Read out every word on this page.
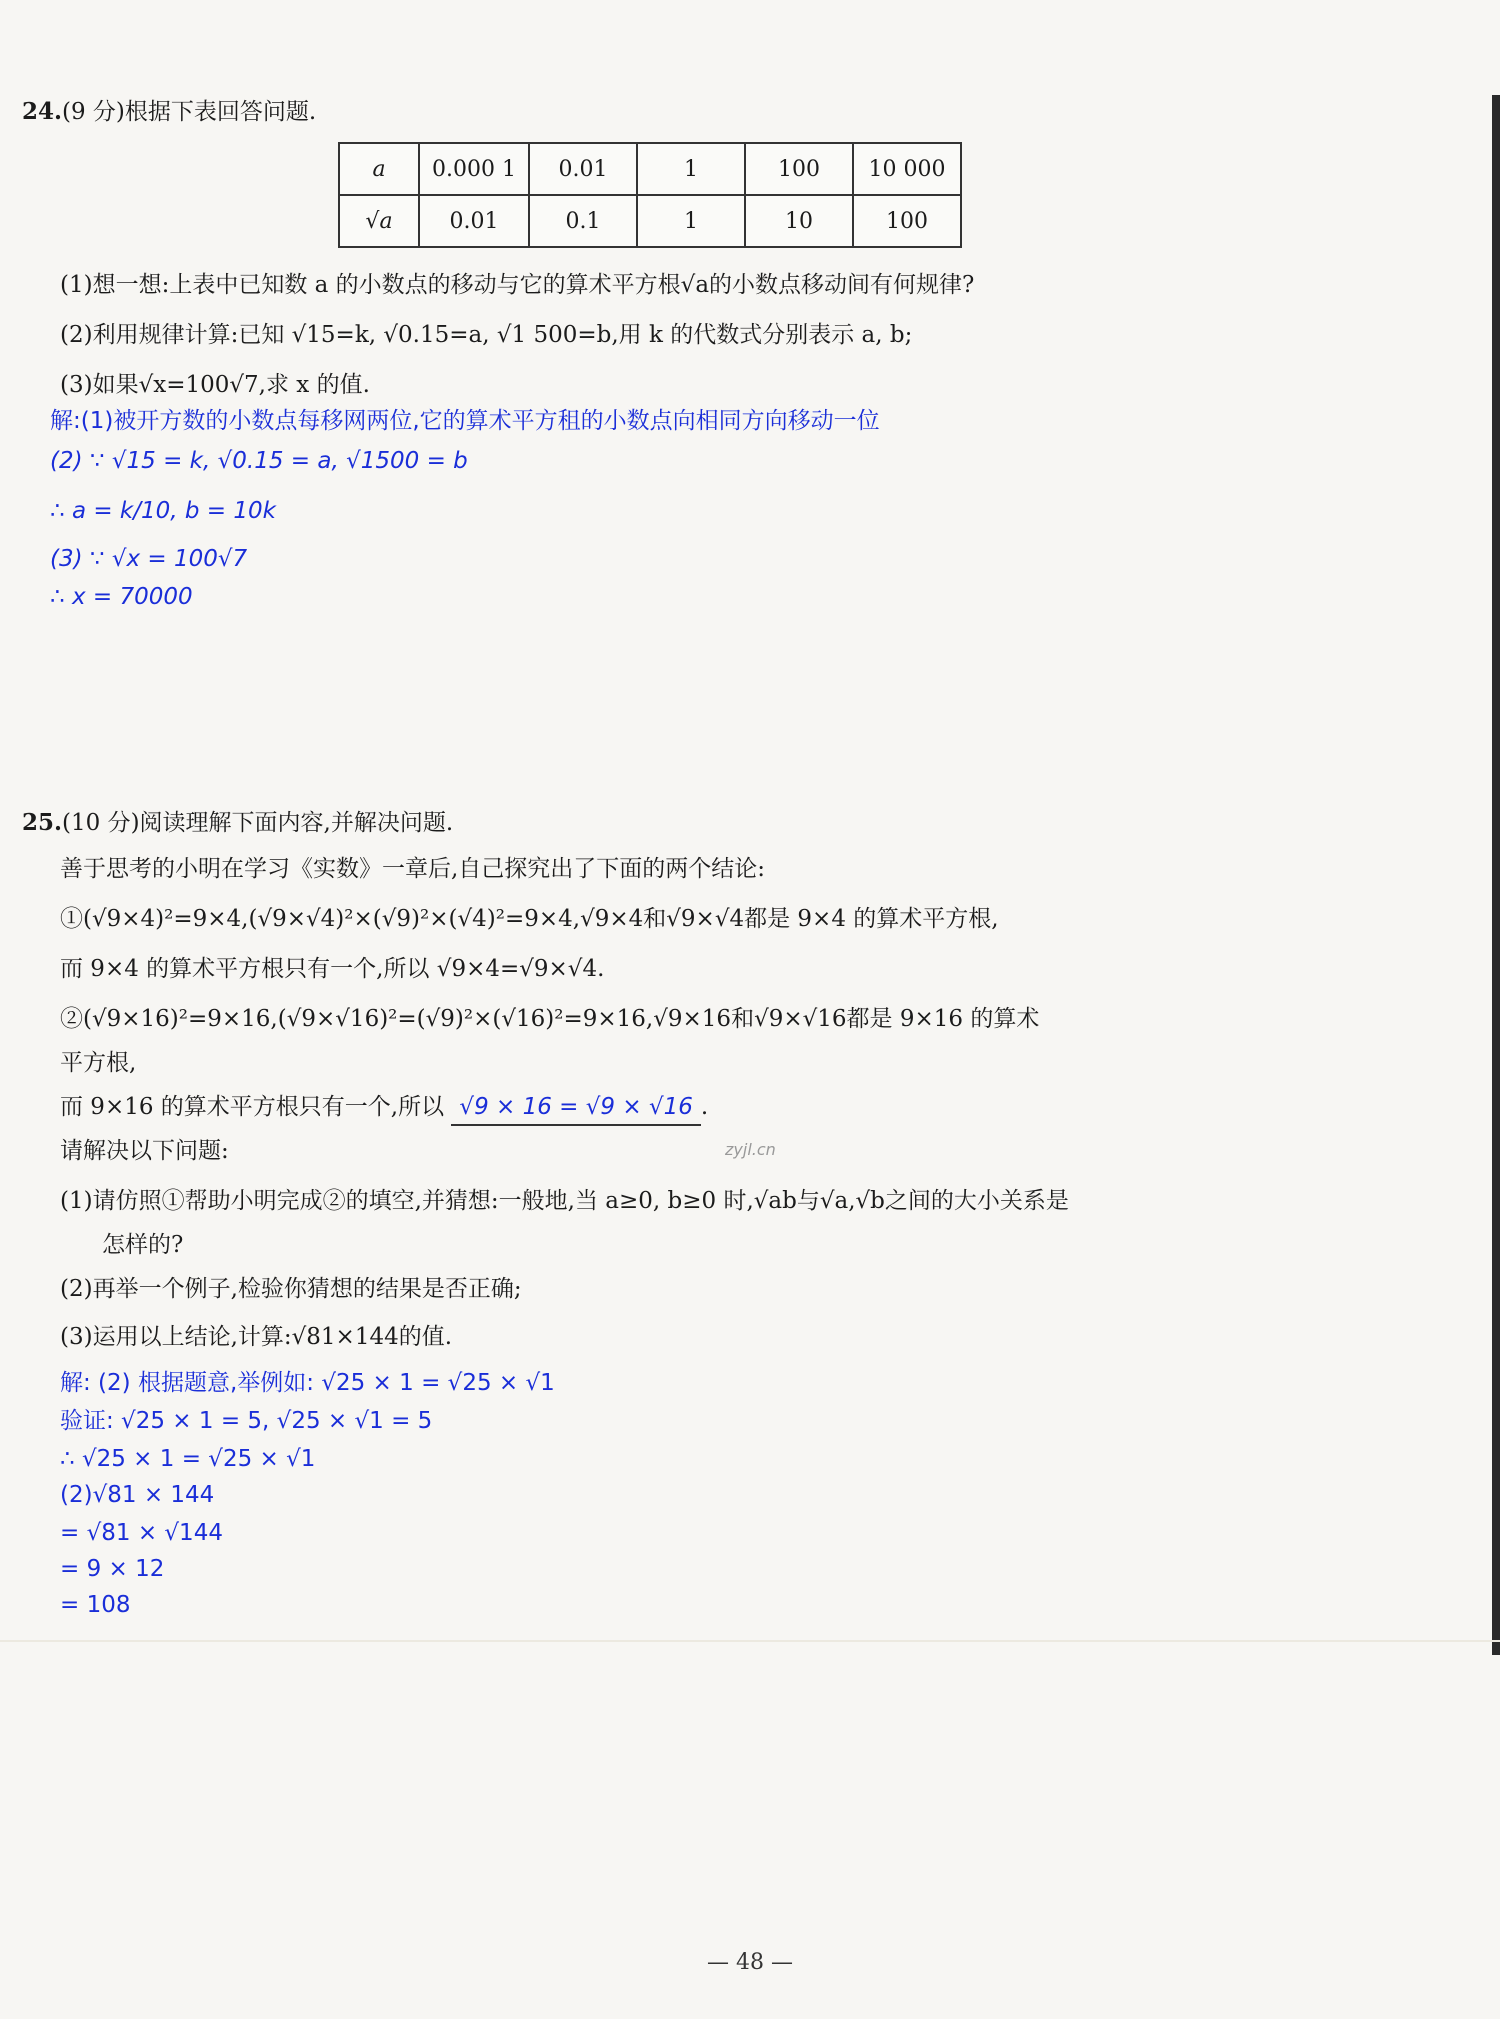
24.(9 分)根据下表回答问题.
a	0.000 1	0.01	1	100	10 000
√a	0.01	0.1	1	10	100
(1)想一想:上表中已知数 a 的小数点的移动与它的算术平方根√a的小数点移动间有何规律?
(2)利用规律计算:已知 √15=k, √0.15=a, √1 500=b,用 k 的代数式分别表示 a, b;
(3)如果√x=100√7,求 x 的值.
解:(1)被开方数的小数点每移网两位,它的算术平方租的小数点向相同方向移动一位
(2) ∵ √15 = k, √0.15 = a, √1500 = b
∴ a = k/10, b = 10k
(3) ∵ √x = 100√7
∴ x = 70000
25.(10 分)阅读理解下面内容,并解决问题.
善于思考的小明在学习《实数》一章后,自己探究出了下面的两个结论:
①(√9×4)²=9×4,(√9×√4)²×(√9)²×(√4)²=9×4,√9×4和√9×√4都是 9×4 的算术平方根,
而 9×4 的算术平方根只有一个,所以 √9×4=√9×√4.
②(√9×16)²=9×16,(√9×√16)²=(√9)²×(√16)²=9×16,√9×16和√9×√16都是 9×16 的算术
平方根,
而 9×16 的算术平方根只有一个,所以 √9 × 16 = √9 × √16 .
zyjl.cn
请解决以下问题:
(1)请仿照①帮助小明完成②的填空,并猜想:一般地,当 a≥0, b≥0 时,√ab与√a,√b之间的大小关系是
怎样的?
(2)再举一个例子,检验你猜想的结果是否正确;
(3)运用以上结论,计算:√81×144的值.
解: (2) 根据题意,举例如: √25 × 1 = √25 × √1
验证: √25 × 1 = 5, √25 × √1 = 5
∴ √25 × 1 = √25 × √1
(2)√81 × 144
= √81 × √144
= 9 × 12
= 108
— 48 —
